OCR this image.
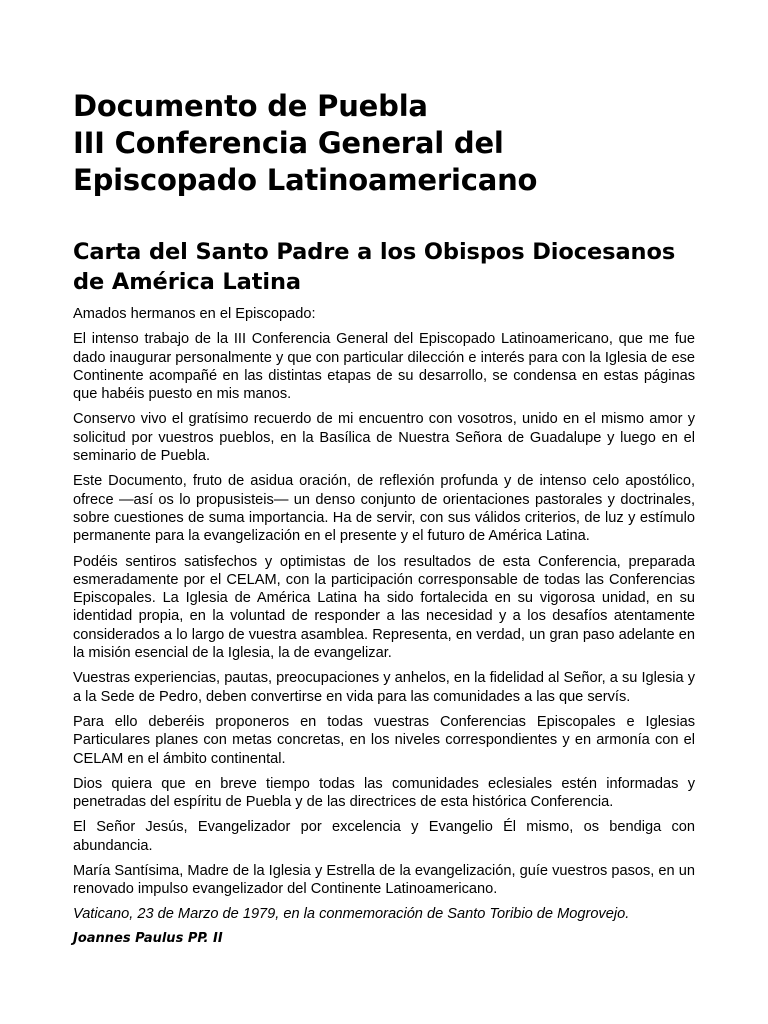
Documento de Puebla
III Conferencia General del
Episcopado Latinoamericano
Carta del Santo Padre a los Obispos Diocesanos
de América Latina

Amados hermanos en el Episcopado:

El intenso trabajo de la III Conferencia General del Episcopado Latinoamericano, que me fue dado inaugurar personalmente y que con particular dilección e interés para con la Iglesia de ese Continente acompañé en las distintas etapas de su desarrollo, se condensa en estas páginas que habéis puesto en mis manos.

Conservo vivo el gratísimo recuerdo de mi encuentro con vosotros, unido en el mismo amor y solicitud por vuestros pueblos, en la Basílica de Nuestra Señora de Guadalupe y luego en el seminario de Puebla.

Este Documento, fruto de asidua oración, de reflexión profunda y de intenso celo apostólico, ofrece —así os lo propusisteis— un denso conjunto de orientaciones pastorales y doctrinales, sobre cuestiones de suma importancia. Ha de servir, con sus válidos criterios, de luz y estímulo permanente para la evangelización en el presente y el futuro de América Latina.

Podéis sentiros satisfechos y optimistas de los resultados de esta Conferencia, preparada esmeradamente por el CELAM, con la participación corresponsable de todas las Conferencias Episcopales. La Iglesia de América Latina ha sido fortalecida en su vigorosa unidad, en su identidad propia, en la voluntad de responder a las necesidad y a los desafíos atentamente considerados a lo largo de vuestra asamblea. Representa, en verdad, un gran paso adelante en la misión esencial de la Iglesia, la de evangelizar.

Vuestras experiencias, pautas, preocupaciones y anhelos, en la fidelidad al Señor, a su Iglesia y a la Sede de Pedro, deben convertirse en vida para las comunidades a las que servís.

Para ello deberéis proponeros en todas vuestras Conferencias Episcopales e Iglesias Particulares planes con metas concretas, en los niveles correspondientes y en armonía con el CELAM en el ámbito continental.

Dios quiera que en breve tiempo todas las comunidades eclesiales estén informadas y penetradas del espíritu de Puebla y de las directrices de esta histórica Conferencia.

El Señor Jesús, Evangelizador por excelencia y Evangelio Él mismo, os bendiga con abundancia.

María Santísima, Madre de la Iglesia y Estrella de la evangelización, guíe vuestros pasos, en un renovado impulso evangelizador del Continente Latinoamericano.

Vaticano, 23 de Marzo de 1979, en la conmemoración de Santo Toribio de Mogrovejo.

Joannes Paulus PP. II
